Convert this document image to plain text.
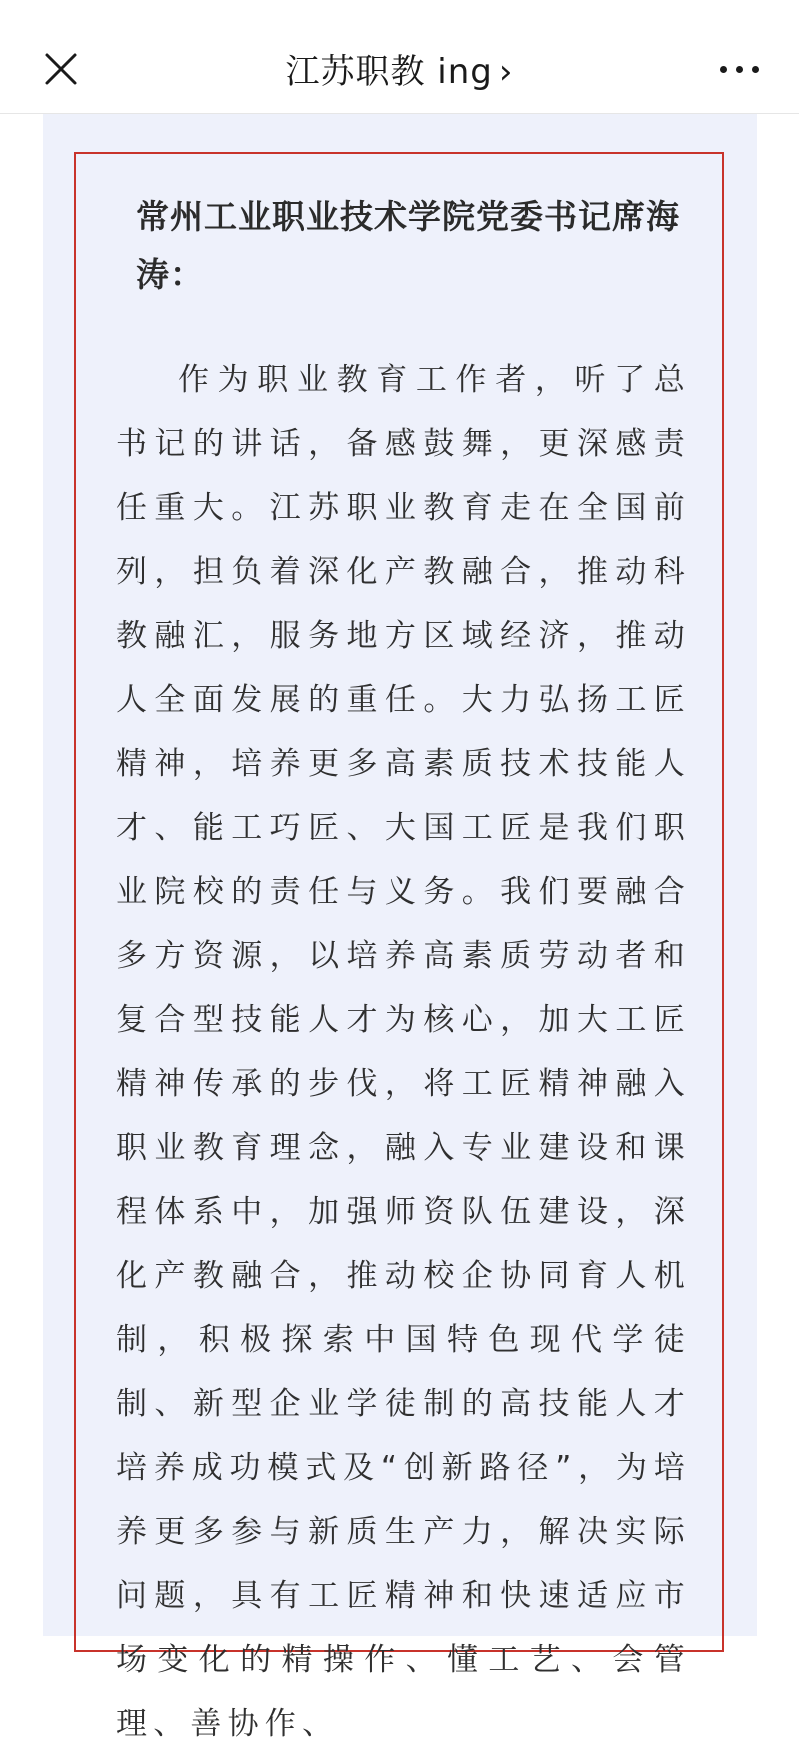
江苏职教 ing ›
常州工业职业技术学院党委书记席海涛：
作为职业教育工作者，听了总书记的讲话，备感鼓舞，更深感责任重大。江苏职业教育走在全国前列，担负着深化产教融合，推动科教融汇，服务地方区域经济，推动人全面发展的重任。大力弘扬工匠精神，培养更多高素质技术技能人才、能工巧匠、大国工匠是我们职业院校的责任与义务。我们要融合多方资源，以培养高素质劳动者和复合型技能人才为核心，加大工匠精神传承的步伐，将工匠精神融入职业教育理念，融入专业建设和课程体系中，加强师资队伍建设，深化产教融合，推动校企协同育人机制，积极探索中国特色现代学徒制、新型企业学徒制的高技能人才培养成功模式及“创新路径”，为培养更多参与新质生产力，解决实际问题，具有工匠精神和快速适应市场变化的精操作、懂工艺、会管理、善协作、
